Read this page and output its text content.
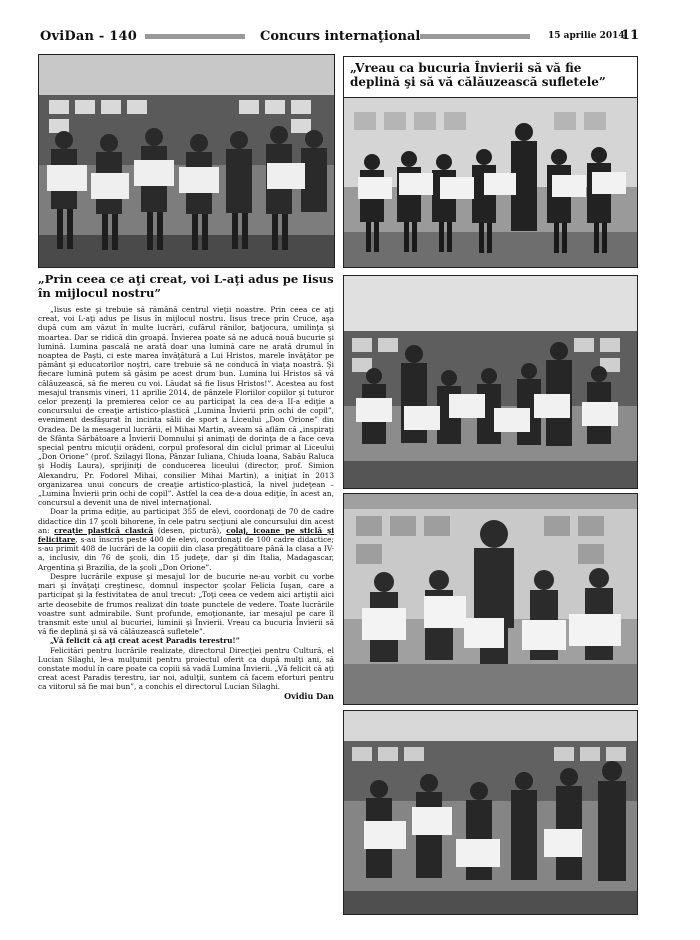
OviDan - 140	Concurs internaţional	15 aprilie 2014
11

„Vreau ca bucuria Învierii să vă fie deplină şi să vă călăuzească sufletele”

„Prin ceea ce aţi creat, voi L-aţi adus pe Iisus în mijlocul nostru”

„Iisus este şi trebuie să rămână centrul vieţii noastre. Prin ceea ce aţi creat, voi L-aţi adus pe Iisus în mijlocul nostru. Iisus trece prin Cruce, aşa după cum am văzut în multe lucrări, cufărul rănilor, batjocura, umilinţa şi moartea. Dar se ridică din groapă. Învierea poate să ne aducă nouă bucurie şi lumină. Lumina pascală ne arată doar una lumină care ne arată drumul în noaptea de Paşti, ci este marea învăţătură a Lui Hristos, marele învăţător pe pământ şi educatorilor noştri, care trebuie să ne conducă în viaţa noastră. Şi fiecare lumină putem să găsim pe acest drum bun. Lumina lui Hristos să vă călăuzească, să fie mereu cu voi. Lăudat să fie Iisus Hristos!”. Acestea au fost mesajul transmis vineri, 11 aprilie 2014, de pânzele Floriilor copiilor şi tuturor celor prezenţi la premierea celor ce au participat la cea de-a II-a ediţie a concursului de creaţie artistico-plastică „Lumina Învierii prin ochi de copil”, eveniment desfăşurat în incinta sălii de sport a Liceului „Don Orione” din Oradea. De la mesagerul lucrării, el Mihai Martin, aveam să aflăm că „inspiraţi de Sfânta Sărbătoare a Învierii Domnului şi animaţi de dorinţa de a face ceva special pentru micuţii orădeni, corpul profesoral din ciclul primar al Liceului „Don Orione” (prof. Szilagyi Ilona, Pânzar Iuliana, Chiuda Ioana, Sabău Raluca şi Hodiş Laura), sprijiniţi de conducerea liceului (director, prof. Simion Alexandru, Pr. Fodorel Mihai, consilier Mihai Martin), a iniţiat în 2013 organizarea unui concurs de creaţie artistico-plastică, la nivel judeţean – „Lumina Învierii prin ochi de copil”. Astfel la cea de-a doua ediţie, în acest an, concursul a devenit una de nivel internaţional.

Doar la prima ediţie, au participat 355 de elevi, coordonaţi de 70 de cadre didactice din 17 şcoli bihorene, în cele patru secţiuni ale concursului din acest an: creaţie plastică clasică (desen, pictură), colaj, icoane pe sticlă şi felicitare, s-au înscris peste 400 de elevi, coordonaţi de 100 cadre didactice; s-au primit 408 de lucrări de la copiii din clasa pregătitoare până la clasa a IV-a, inclusiv, din 76 de şcoli, din 15 judeţe, dar şi din Italia, Madagascar, Argentina şi Brazilia, de la şcoli „Don Orione”.

Despre lucrările expuse şi mesajul lor de bucurie ne-au vorbit cu vorbe mari şi învăţaţi creştinesc, domnul inspector şcolar Felicia Iuşan, care a participat şi la festivitatea de anul trecut: „Toţi ceea ce vedem aici artiştii aici arte deosebite de frumos realizat din toate punctele de vedere. Toate lucrările voastre sunt admirabile. Sunt profunde, emoţionante, iar mesajul pe care îl transmit este unul al bucuriei, luminii şi Învierii. Vreau ca bucuria Învierii să vă fie deplină şi să vă călăuzească sufletele”.

„Vă felicit că aţi creat acest Paradis terestru!”

Felicitări pentru lucrările realizate, directorul Direcţiei pentru Cultură, el Lucian Silaghi, le-a mulţumit pentru proiectul oferit ca după mulţi ani, să constate modul în care poate ca copiii să vadă Lumina Învierii. „Vă felicit că aţi creat acest Paradis terestru, iar noi, adulţii, suntem că facem eforturi pentru ca viitorul să fie mai bun”, a conchis el directorul Lucian Silaghi.

Ovidiu Dan
